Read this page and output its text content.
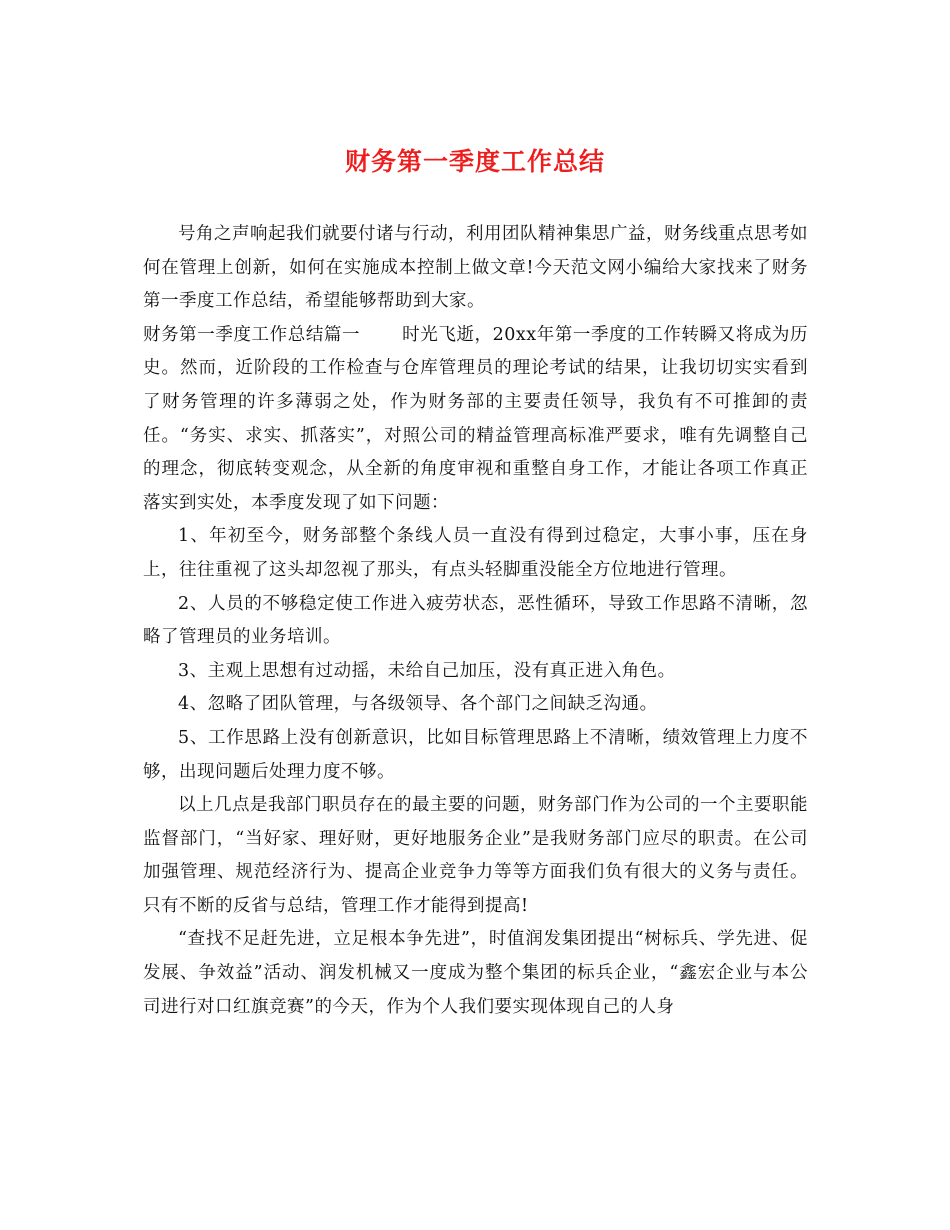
财务第一季度工作总结

号角之声响起我们就要付诸与行动，利用团队精神集思广益，财务线重点思考如何在管理上创新，如何在实施成本控制上做文章!今天范文网小编给大家找来了财务第一季度工作总结，希望能够帮助到大家。

财务第一季度工作总结篇一 时光飞逝，20xx年第一季度的工作转瞬又将成为历史。然而，近阶段的工作检查与仓库管理员的理论考试的结果，让我切切实实看到了财务管理的许多薄弱之处，作为财务部的主要责任领导，我负有不可推卸的责任。“务实、求实、抓落实”，对照公司的精益管理高标准严要求，唯有先调整自己的理念，彻底转变观念，从全新的角度审视和重整自身工作，才能让各项工作真正落实到实处，本季度发现了如下问题：

1、年初至今，财务部整个条线人员一直没有得到过稳定，大事小事，压在身上，往往重视了这头却忽视了那头，有点头轻脚重没能全方位地进行管理。

2、人员的不够稳定使工作进入疲劳状态，恶性循环，导致工作思路不清晰，忽略了管理员的业务培训。

3、主观上思想有过动摇，未给自己加压，没有真正进入角色。

4、忽略了团队管理，与各级领导、各个部门之间缺乏沟通。

5、工作思路上没有创新意识，比如目标管理思路上不清晰，绩效管理上力度不够，出现问题后处理力度不够。

以上几点是我部门职员存在的最主要的问题，财务部门作为公司的一个主要职能监督部门，“当好家、理好财，更好地服务企业”是我财务部门应尽的职责。在公司加强管理、规范经济行为、提高企业竞争力等等方面我们负有很大的义务与责任。只有不断的反省与总结，管理工作才能得到提高!

“查找不足赶先进，立足根本争先进”，时值润发集团提出“树标兵、学先进、促发展、争效益”活动、润发机械又一度成为整个集团的标兵企业，“鑫宏企业与本公司进行对口红旗竞赛”的今天，作为个人我们要实现体现自己的人身
